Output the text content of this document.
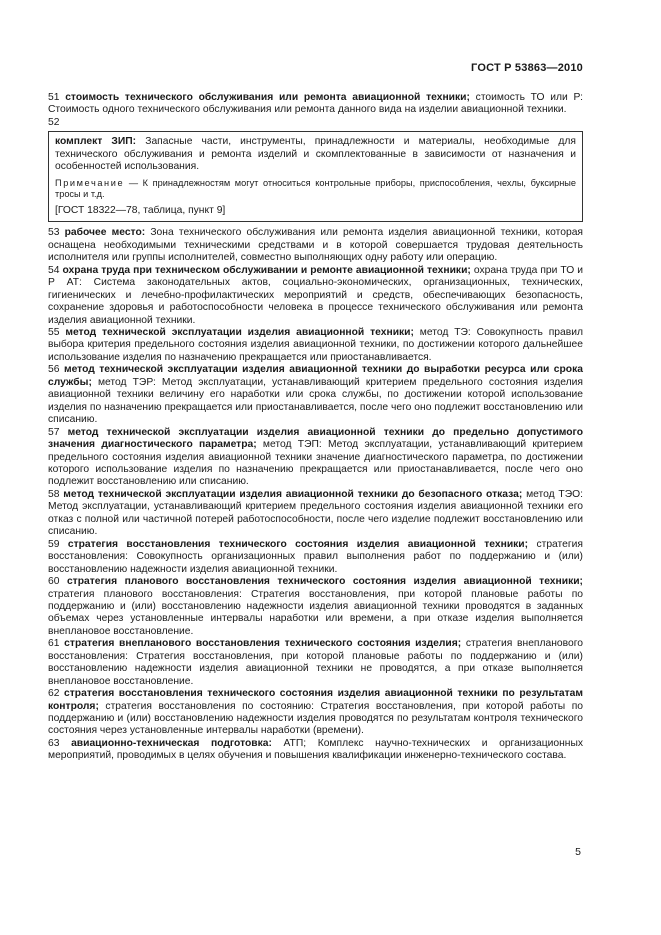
ГОСТ Р 53863—2010

51 стоимость технического обслуживания или ремонта авиационной техники; стоимость ТО или Р: Стоимость одного технического обслуживания или ремонта данного вида на изделии авиационной техники.

52

комплект ЗИП: Запасные части, инструменты, принадлежности и материалы, необходимые для технического обслуживания и ремонта изделий и скомплектованные в зависимости от назначения и особенностей использования.

Примечание — К принадлежностям могут относиться контрольные приборы, приспособления, чехлы, буксирные тросы и т.д.

[ГОСТ 18322—78, таблица, пункт 9]

53 рабочее место: Зона технического обслуживания или ремонта изделия авиационной техники, которая оснащена необходимыми техническими средствами и в которой совершается трудовая деятельность исполнителя или группы исполнителей, совместно выполняющих одну работу или операцию.

54 охрана труда при техническом обслуживании и ремонте авиационной техники; охрана труда при ТО и Р АТ: Система законодательных актов, социально-экономических, организационных, технических, гигиенических и лечебно-профилактических мероприятий и средств, обеспечивающих безопасность, сохранение здоровья и работоспособности человека в процессе технического обслуживания или ремонта изделия авиационной техники.

55 метод технической эксплуатации изделия авиационной техники; метод ТЭ: Совокупность правил выбора критерия предельного состояния изделия авиационной техники, по достижении которого дальнейшее использование изделия по назначению прекращается или приостанавливается.

56 метод технической эксплуатации изделия авиационной техники до выработки ресурса или срока службы; метод ТЭР: Метод эксплуатации, устанавливающий критерием предельного состояния изделия авиационной техники величину его наработки или срока службы, по достижении которой использование изделия по назначению прекращается или приостанавливается, после чего оно подлежит восстановлению или списанию.

57 метод технической эксплуатации изделия авиационной техники до предельно допустимого значения диагностического параметра; метод ТЭП: Метод эксплуатации, устанавливающий критерием предельного состояния изделия авиационной техники значение диагностического параметра, по достижении которого использование изделия по назначению прекращается или приостанавливается, после чего оно подлежит восстановлению или списанию.

58 метод технической эксплуатации изделия авиационной техники до безопасного отказа; метод ТЭО: Метод эксплуатации, устанавливающий критерием предельного состояния изделия авиационной техники его отказ с полной или частичной потерей работоспособности, после чего изделие подлежит восстановлению или списанию.

59 стратегия восстановления технического состояния изделия авиационной техники; стратегия восстановления: Совокупность организационных правил выполнения работ по поддержанию и (или) восстановлению надежности изделия авиационной техники.

60 стратегия планового восстановления технического состояния изделия авиационной техники; стратегия планового восстановления: Стратегия восстановления, при которой плановые работы по поддержанию и (или) восстановлению надежности изделия авиационной техники проводятся в заданных объемах через установленные интервалы наработки или времени, а при отказе изделия выполняется внеплановое восстановление.

61 стратегия внепланового восстановления технического состояния изделия; стратегия внепланового восстановления: Стратегия восстановления, при которой плановые работы по поддержанию и (или) восстановлению надежности изделия авиационной техники не проводятся, а при отказе выполняется внеплановое восстановление.

62 стратегия восстановления технического состояния изделия авиационной техники по результатам контроля; стратегия восстановления по состоянию: Стратегия восстановления, при которой работы по поддержанию и (или) восстановлению надежности изделия проводятся по результатам контроля технического состояния через установленные интервалы наработки (времени).

63 авиационно-техническая подготовка: АТП; Комплекс научно-технических и организационных мероприятий, проводимых в целях обучения и повышения квалификации инженерно-технического состава.

5
